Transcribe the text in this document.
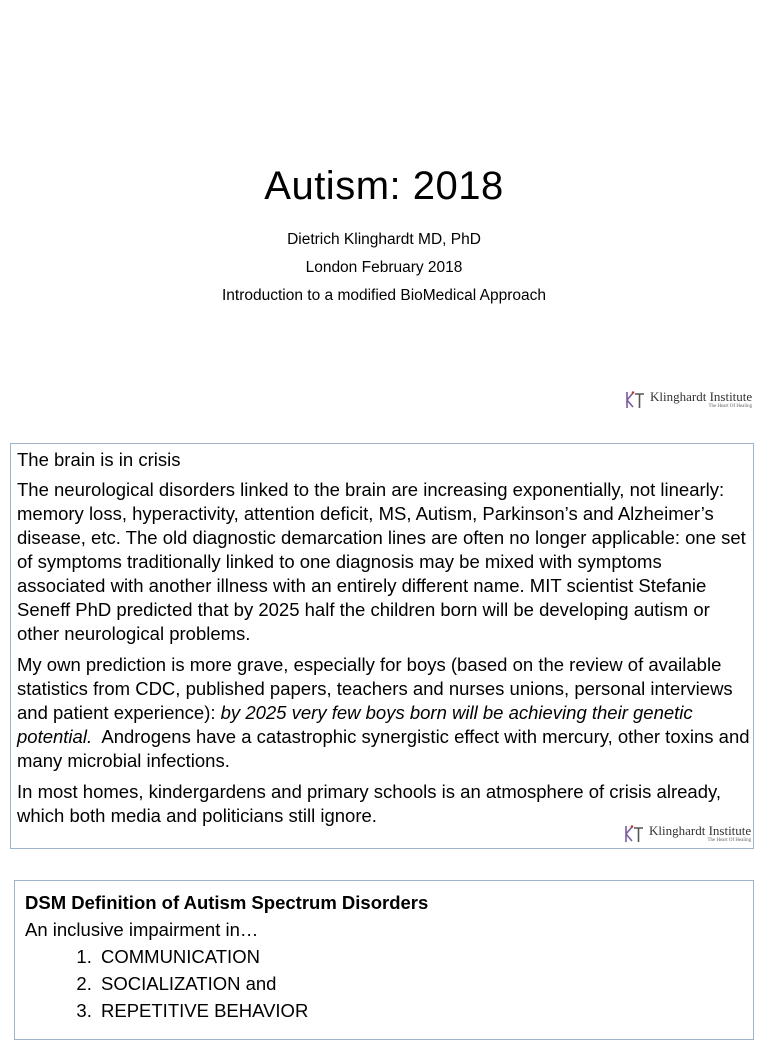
Autism: 2018
Dietrich Klinghardt MD, PhD
London February 2018
Introduction to a modified BioMedical Approach
Klinghardt Institute
The Heart Of Healing

The brain is in crisis

The neurological disorders linked to the brain are increasing exponentially, not linearly: memory loss, hyperactivity, attention deficit, MS, Autism, Parkinson’s and Alzheimer’s disease, etc. The old diagnostic demarcation lines are often no longer applicable: one set of symptoms traditionally linked to one diagnosis may be mixed with symptoms associated with another illness with an entirely different name. MIT scientist Stefanie Seneff PhD predicted that by 2025 half the children born will be developing autism or other neurological problems.

My own prediction is more grave, especially for boys (based on the review of available statistics from CDC, published papers, teachers and nurses unions, personal interviews and patient experience): by 2025 very few boys born will be achieving their genetic potential.  Androgens have a catastrophic synergistic effect with mercury, other toxins and many microbial infections.

In most homes, kindergardens and primary schools is an atmosphere of crisis already, which both media and politicians still ignore.

Klinghardt Institute
The Heart Of Healing
DSM Definition of Autism Spectrum Disorders
An inclusive impairment in…
1. COMMUNICATION
2. SOCIALIZATION and
3. REPETITIVE BEHAVIOR
